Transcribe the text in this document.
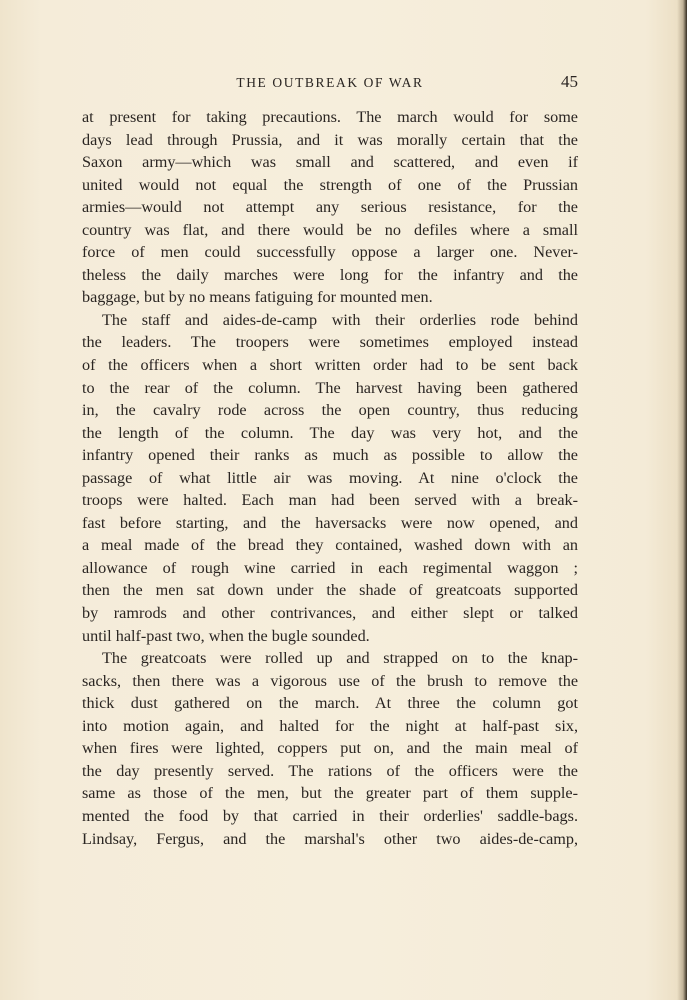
THE OUTBREAK OF WAR	45
at present for taking precautions. The march would for some
days lead through Prussia, and it was morally certain that the
Saxon army—which was small and scattered, and even if
united would not equal the strength of one of the Prussian
armies—would not attempt any serious resistance, for the
country was flat, and there would be no defiles where a small
force of men could successfully oppose a larger one. Never-
theless the daily marches were long for the infantry and the
baggage, but by no means fatiguing for mounted men.
The staff and aides-de-camp with their orderlies rode behind
the leaders. The troopers were sometimes employed instead
of the officers when a short written order had to be sent back
to the rear of the column. The harvest having been gathered
in, the cavalry rode across the open country, thus reducing
the length of the column. The day was very hot, and the
infantry opened their ranks as much as possible to allow the
passage of what little air was moving. At nine o'clock the
troops were halted. Each man had been served with a break-
fast before starting, and the haversacks were now opened, and
a meal made of the bread they contained, washed down with an
allowance of rough wine carried in each regimental waggon ;
then the men sat down under the shade of greatcoats supported
by ramrods and other contrivances, and either slept or talked
until half-past two, when the bugle sounded.
The greatcoats were rolled up and strapped on to the knap-
sacks, then there was a vigorous use of the brush to remove the
thick dust gathered on the march. At three the column got
into motion again, and halted for the night at half-past six,
when fires were lighted, coppers put on, and the main meal of
the day presently served. The rations of the officers were the
same as those of the men, but the greater part of them supple-
mented the food by that carried in their orderlies' saddle-bags.
Lindsay, Fergus, and the marshal's other two aides-de-camp,
